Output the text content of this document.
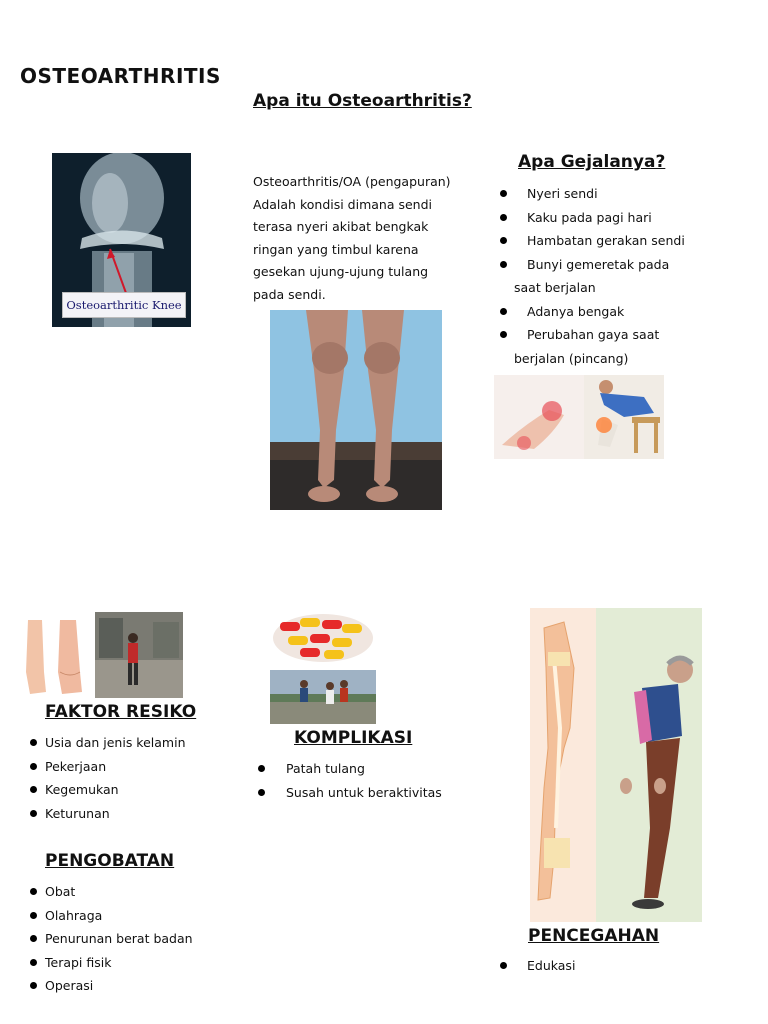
OSTEOARTHRITIS
Osteoarthritic Knee
Apa itu Osteoarthritis?
Osteoarthritis/OA (pengapuran)
Adalah kondisi dimana sendi
terasa nyeri akibat bengkak
ringan yang timbul karena
gesekan ujung-ujung tulang
pada sendi.
Apa Gejalanya?
Nyeri sendi
Kaku pada pagi hari
Hambatan gerakan sendi
Bunyi gemeretak pada saat berjalan
Adanya bengak
Perubahan gaya saat berjalan (pincang)
FAKTOR RESIKO
Usia dan jenis kelamin
Pekerjaan
Kegemukan
Keturunan
PENGOBATAN
Obat
Olahraga
Penurunan berat badan
Terapi fisik
Operasi
KOMPLIKASI
Patah tulang
Susah untuk beraktivitas
PENCEGAHAN
Edukasi
